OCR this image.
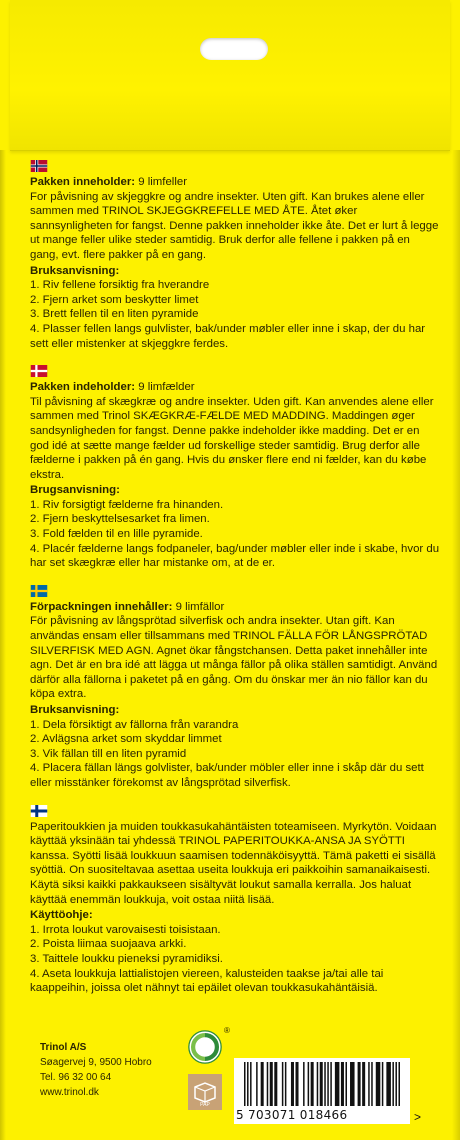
Pakken inneholder: 9 limfeller

For påvisning av skjeggkre og andre insekter. Uten gift. Kan brukes alene eller sammen med TRINOL SKJEGGKREFELLE MED ÅTE. Åtet øker sannsynligheten for fangst. Denne pakken inneholder ikke åte. Det er lurt å legge ut mange feller ulike steder samtidig. Bruk derfor alle fellene i pakken på en gang, evt. flere pakker på en gang.

Bruksanvisning:

1. Riv fellene forsiktig fra hverandre
2. Fjern arket som beskytter limet
3. Brett fellen til en liten pyramide
4. Plasser fellen langs gulvlister, bak/under møbler eller inne i skap, der du har sett eller mistenker at skjeggkre ferdes.

Pakken indeholder: 9 limfælder

Til påvisning af skægkræ og andre insekter. Uden gift. Kan anvendes alene eller sammen med Trinol SKÆGKRÆ-FÆLDE MED MADDING. Maddingen øger sandsynligheden for fangst. Denne pakke indeholder ikke madding. Det er en god idé at sætte mange fælder ud forskellige steder samtidig. Brug derfor alle fælderne i pakken på én gang. Hvis du ønsker flere end ni fælder, kan du købe ekstra.

Brugsanvisning:

1. Riv forsigtigt fælderne fra hinanden.
2. Fjern beskyttelsesarket fra limen.
3. Fold fælden til en lille pyramide.
4. Placér fælderne langs fodpaneler, bag/under møbler eller inde i skabe, hvor du har set skægkræ eller har mistanke om, at de er.

Förpackningen innehåller: 9 limfällor

För påvisning av långsprötad silverfisk och andra insekter. Utan gift. Kan användas ensam eller tillsammans med TRINOL FÄLLA FÖR LÅNGSPRÖTAD SILVERFISK MED AGN. Agnet ökar fångstchansen. Detta paket innehåller inte agn. Det är en bra idé att lägga ut många fällor på olika ställen samtidigt. Använd därför alla fällorna i paketet på en gång. Om du önskar mer än nio fällor kan du köpa extra.

Bruksanvisning:

1. Dela försiktigt av fällorna från varandra
2. Avlägsna arket som skyddar limmet
3. Vik fällan till en liten pyramid
4. Placera fällan längs golvlister, bak/under möbler eller inne i skåp där du sett eller misstänker förekomst av långsprötad silverfisk.

Paperitoukkien ja muiden toukkasukahäntäisten toteamiseen. Myrkytön. Voidaan käyttää yksinään tai yhdessä TRINOL PAPERITOUKKA-ANSA JA SYÖTTI kanssa. Syötti lisää loukkuun saamisen todennäköisyyttä. Tämä paketti ei sisällä syöttiä. On suositeltavaa asettaa useita loukkuja eri paikkoihin samanaikaisesti. Käytä siksi kaikki pakkaukseen sisältyvät loukut samalla kerralla. Jos haluat käyttää enemmän loukkuja, voit ostaa niitä lisää.

Käyttöohje:

1. Irrota loukut varovaisesti toisistaan.
2. Poista liimaa suojaava arkki.
3. Taittele loukku pieneksi pyramidiksi.
4. Aseta loukkuja lattialistojen viereen, kalusteiden taakse ja/tai alle tai kaappeihin, joissa olet nähnyt tai epäilet olevan toukkasukahäntäisiä.
Trinol A/S
Søagervej 9, 9500 Hobro
Tel. 96 32 00 64
www.trinol.dk
®
PAP
5 703071 018466	>
